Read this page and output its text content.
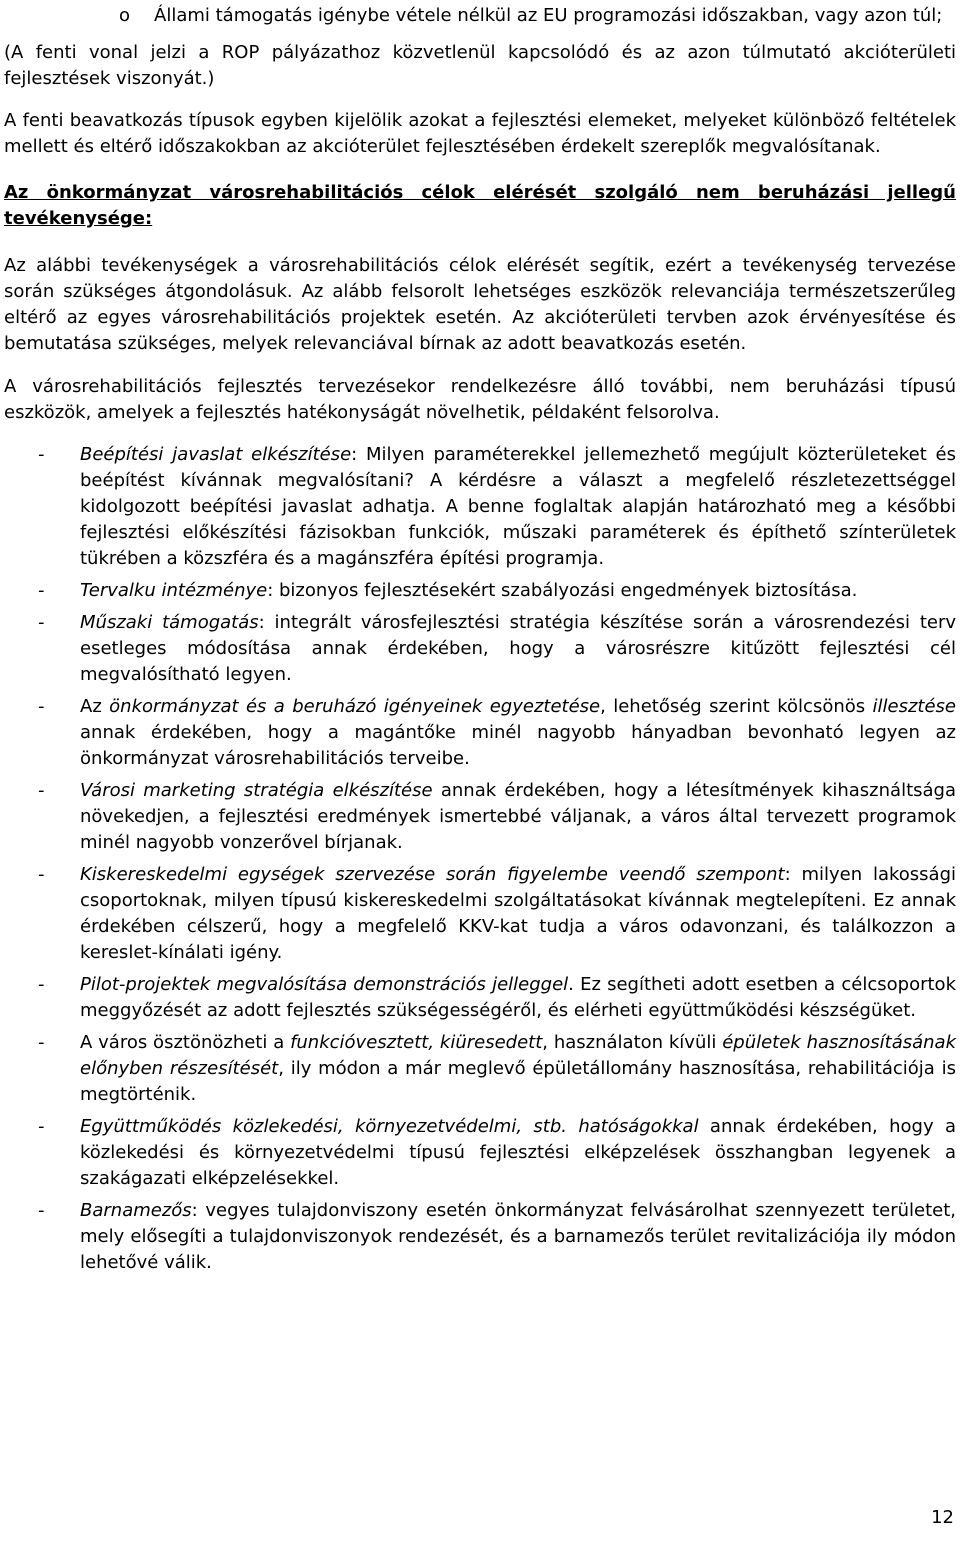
o	Állami támogatás igénybe vétele nélkül az EU programozási időszakban, vagy azon túl;

(A fenti vonal jelzi a ROP pályázathoz közvetlenül kapcsolódó és az azon túlmutató akcióterületi fejlesztések viszonyát.)

A fenti beavatkozás típusok egyben kijelölik azokat a fejlesztési elemeket, melyeket különböző feltételek mellett és eltérő időszakokban az akcióterület fejlesztésében érdekelt szereplők megvalósítanak.

Az önkormányzat városrehabilitációs célok elérését szolgáló nem beruházási jellegű tevékenysége:

Az alábbi tevékenységek a városrehabilitációs célok elérését segítik, ezért a tevékenység tervezése során szükséges átgondolásuk. Az alább felsorolt lehetséges eszközök relevanciája természetszerűleg eltérő az egyes városrehabilitációs projektek esetén. Az akcióterületi tervben azok érvényesítése és bemutatása szükséges, melyek relevanciával bírnak az adott beavatkozás esetén.

A városrehabilitációs fejlesztés tervezésekor rendelkezésre álló további, nem beruházási típusú eszközök, amelyek a fejlesztés hatékonyságát növelhetik, példaként felsorolva.

-	Beépítési javaslat elkészítése: Milyen paraméterekkel jellemezhető megújult közterületeket és beépítést kívánnak megvalósítani? A kérdésre a választ a megfelelő részletezettséggel kidolgozott beépítési javaslat adhatja. A benne foglaltak alapján határozható meg a későbbi fejlesztési előkészítési fázisokban funkciók, műszaki paraméterek és építhető színterületek tükrében a közszféra és a magánszféra építési programja.
-	Tervalku intézménye: bizonyos fejlesztésekért szabályozási engedmények biztosítása.
-	Műszaki támogatás: integrált városfejlesztési stratégia készítése során a városrendezési terv esetleges módosítása annak érdekében, hogy a városrészre kitűzött fejlesztési cél megvalósítható legyen.
-	Az önkormányzat és a beruházó igényeinek egyeztetése, lehetőség szerint kölcsönös illesztése annak érdekében, hogy a magántőke minél nagyobb hányadban bevonható legyen az önkormányzat városrehabilitációs terveibe.
-	Városi marketing stratégia elkészítése annak érdekében, hogy a létesítmények kihasználtsága növekedjen, a fejlesztési eredmények ismertebbé váljanak, a város által tervezett programok minél nagyobb vonzerővel bírjanak.
-	Kiskereskedelmi egységek szervezése során figyelembe veendő szempont: milyen lakossági csoportoknak, milyen típusú kiskereskedelmi szolgáltatásokat kívánnak megtelepíteni. Ez annak érdekében célszerű, hogy a megfelelő KKV-kat tudja a város odavonzani, és találkozzon a kereslet-kínálati igény.
-	Pilot-projektek megvalósítása demonstrációs jelleggel. Ez segítheti adott esetben a célcsoportok meggyőzését az adott fejlesztés szükségességéről, és elérheti együttműködési készségüket.
-	A város ösztönözheti a funkcióvesztett, kiüresedett, használaton kívüli épületek hasznosításának előnyben részesítését, ily módon a már meglevő épületállomány hasznosítása, rehabilitációja is megtörténik.
-	Együttműködés közlekedési, környezetvédelmi, stb. hatóságokkal annak érdekében, hogy a közlekedési és környezetvédelmi típusú fejlesztési elképzelések összhangban legyenek a szakágazati elképzelésekkel.
-	Barnamezős: vegyes tulajdonviszony esetén önkormányzat felvásárolhat szennyezett területet, mely elősegíti a tulajdonviszonyok rendezését, és a barnamezős terület revitalizációja ily módon lehetővé válik.
12
